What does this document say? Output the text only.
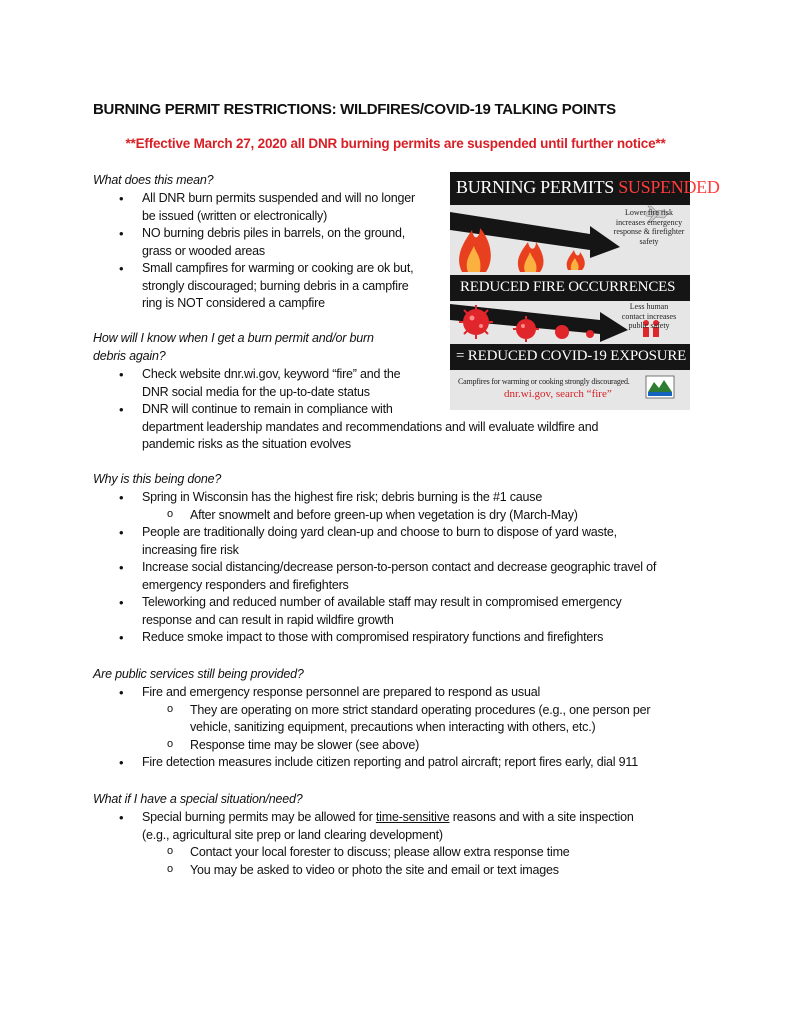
BURNING PERMIT RESTRICTIONS: WILDFIRES/COVID-19 TALKING POINTS
**Effective March 27, 2020 all DNR burning permits are suspended until further notice**
BURNING PERMITS SUSPENDED
Lower fire risk
increases emergency
response & firefighter
safety
REDUCED FIRE OCCURRENCES
Less human
contact increases
public safety
= REDUCED COVID-19 EXPOSURE
Campfires for warming or cooking strongly discouraged.
dnr.wi.gov, search “fire”
What does this mean?
• All DNR burn permits suspended and will no longer
be issued (written or electronically)
• NO burning debris piles in barrels, on the ground,
grass or wooded areas
• Small campfires for warming or cooking are ok but,
strongly discouraged; burning debris in a campfire
ring is NOT considered a campfire
How will I know when I get a burn permit and/or burn
debris again?
• Check website dnr.wi.gov, keyword “fire” and the
DNR social media for the up-to-date status
• DNR will continue to remain in compliance with
department leadership mandates and recommendations and will evaluate wildfire and
pandemic risks as the situation evolves
Why is this being done?
• Spring in Wisconsin has the highest fire risk; debris burning is the #1 cause
o After snowmelt and before green-up when vegetation is dry (March-May)
• People are traditionally doing yard clean-up and choose to burn to dispose of yard waste,
increasing fire risk
• Increase social distancing/decrease person-to-person contact and decrease geographic travel of
emergency responders and firefighters
• Teleworking and reduced number of available staff may result in compromised emergency
response and can result in rapid wildfire growth
• Reduce smoke impact to those with compromised respiratory functions and firefighters
Are public services still being provided?
• Fire and emergency response personnel are prepared to respond as usual
o They are operating on more strict standard operating procedures (e.g., one person per
vehicle, sanitizing equipment, precautions when interacting with others, etc.)
o Response time may be slower (see above)
• Fire detection measures include citizen reporting and patrol aircraft; report fires early, dial 911
What if I have a special situation/need?
• Special burning permits may be allowed for time-sensitive reasons and with a site inspection
(e.g., agricultural site prep or land clearing development)
o Contact your local forester to discuss; please allow extra response time
o You may be asked to video or photo the site and email or text images
